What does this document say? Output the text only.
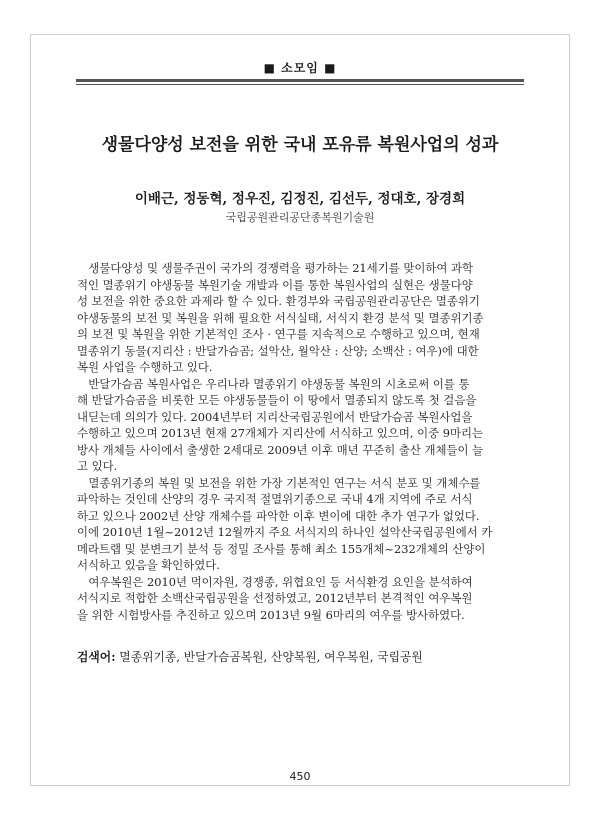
■ 소모임 ■
생물다양성 보전을 위한 국내 포유류 복원사업의 성과
이배근, 정동혁, 정우진, 김정진, 김선두, 정대호, 장경희
국립공원관리공단종복원기술원
　생물다양성 및 생물주권이 국가의 경쟁력을 평가하는 21세기를 맞이하여 과학
적인 멸종위기 야생동물 복원기술 개발과 이를 통한 복원사업의 실현은 생물다양
성 보전을 위한 중요한 과제라 할 수 있다. 환경부와 국립공원관리공단은 멸종위기
야생동물의 보전 및 복원을 위해 필요한 서식실태, 서식지 환경 분석 및 멸종위기종
의 보전 및 복원을 위한 기본적인 조사 · 연구를 지속적으로 수행하고 있으며, 현재
멸종위기 동물(지리산 : 반달가슴곰; 설악산, 월악산 : 산양; 소백산 : 여우)에 대한
복원 사업을 수행하고 있다.
　반달가슴곰 복원사업은 우리나라 멸종위기 야생동물 복원의 시초로써 이를 통
해 반달가슴곰을 비롯한 모든 야생동물들이 이 땅에서 멸종되지 않도록 첫 걸음을
내딛는데 의의가 있다. 2004년부터 지리산국립공원에서 반달가슴곰 복원사업을
수행하고 있으며 2013년 현재 27개체가 지리산에 서식하고 있으며, 이중 9마리는
방사 개체들 사이에서 출생한 2세대로 2009년 이후 매년 꾸준히 출산 개체들이 늘
고 있다.
　멸종위기종의 복원 및 보전을 위한 가장 기본적인 연구는 서식 분포 및 개체수를
파악하는 것인데 산양의 경우 국지적 절멸위기종으로 국내 4개 지역에 주로 서식
하고 있으나 2002년 산양 개체수를 파악한 이후 변이에 대한 추가 연구가 없었다.
이에 2010년 1월~2012년 12월까지 주요 서식지의 하나인 설악산국립공원에서 카
메라트랩 및 분변크기 분석 등 정밀 조사를 통해 최소 155개체~232개체의 산양이
서식하고 있음을 확인하였다.
　여우복원은 2010년 먹이자원, 경쟁종, 위협요인 등 서식환경 요인을 분석하여
서식지로 적합한 소백산국립공원을 선정하였고, 2012년부터 본격적인 여우복원
을 위한 시험방사를 추진하고 있으며 2013년 9월 6마리의 여우를 방사하였다.
검색어: 멸종위기종, 반달가슴곰복원, 산양복원, 여우복원, 국립공원
450
